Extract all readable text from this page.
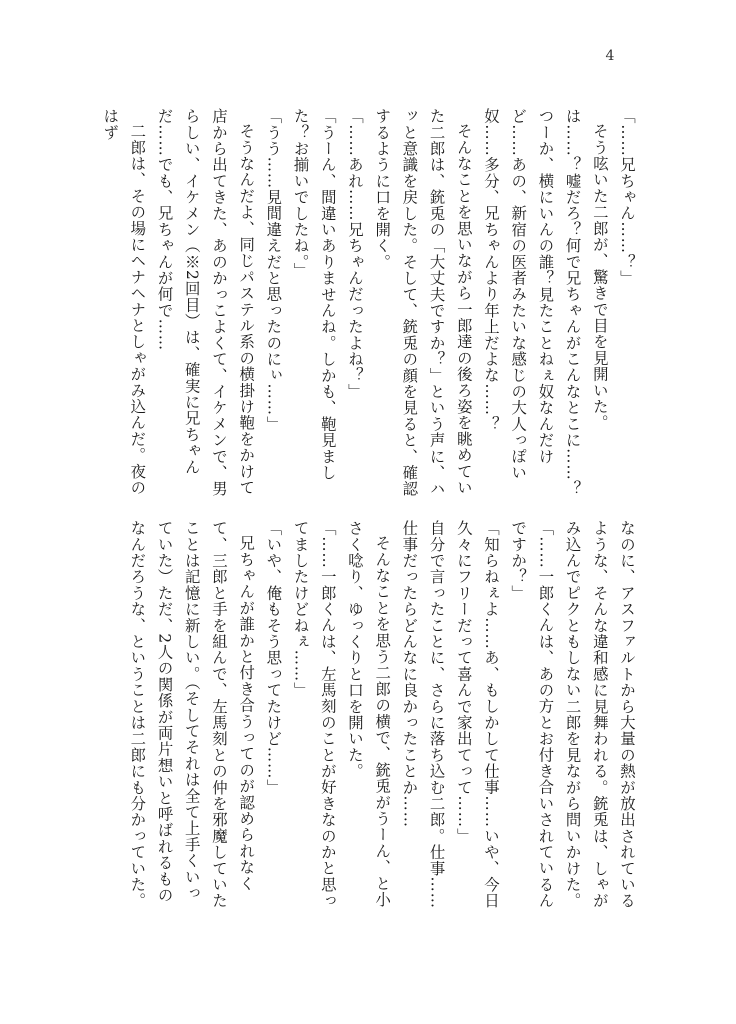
4

「……兄ちゃん……？」

そう呟いた二郎が、驚きで目を見開いた。

は……？嘘だろ？何で兄ちゃんがこんなとこに……？つーか、横にいんの誰？見たことねぇ奴なんだけど……あの、新宿の医者みたいな感じの大人っぽい奴……多分、兄ちゃんより年上だよな……？

そんなことを思いながら一郎達の後ろ姿を眺めていた二郎は、銃兎の「大丈夫ですか？」という声に、ハッと意識を戻した。そして、銃兎の顔を見ると、確認するように口を開く。

「……あれ……兄ちゃんだったよね？」

「うーん、間違いありませんね。しかも、鞄見ました？お揃いでしたね。」

「うう……見間違えだと思ったのにぃ……」

そうなんだよ、同じパステル系の横掛け鞄をかけて店から出てきた、あのかっこよくて、イケメンで、男らしい、イケメン（※2回目）は、確実に兄ちゃんだ……でも、兄ちゃんが何で……

二郎は、その場にヘナヘナとしゃがみ込んだ。夜のはず

なのに、アスファルトから大量の熱が放出されているような、そんな違和感に見舞われる。銃兎は、しゃがみ込んでピクともしない二郎を見ながら問いかけた。

「……一郎くんは、あの方とお付き合いされているんですか？」

「知らねぇよ……あ、もしかして仕事……いや、今日久々にフリーだって喜んで家出てって……」

自分で言ったことに、さらに落ち込む二郎。仕事……仕事だったらどんなに良かったことか……

そんなことを思う二郎の横で、銃兎がうーん、と小さく唸り、ゆっくりと口を開いた。

「……一郎くんは、左馬刻のことが好きなのかと思ってましたけどねぇ……」

「いや、俺もそう思ってたけど……」

兄ちゃんが誰かと付き合うってのが認められなくて、三郎と手を組んで、左馬刻との仲を邪魔していたことは記憶に新しい。（そしてそれは全て上手くいっていた）ただ、2人の関係が両片想いと呼ばれるものなんだろうな、ということは二郎にも分かっていた。
